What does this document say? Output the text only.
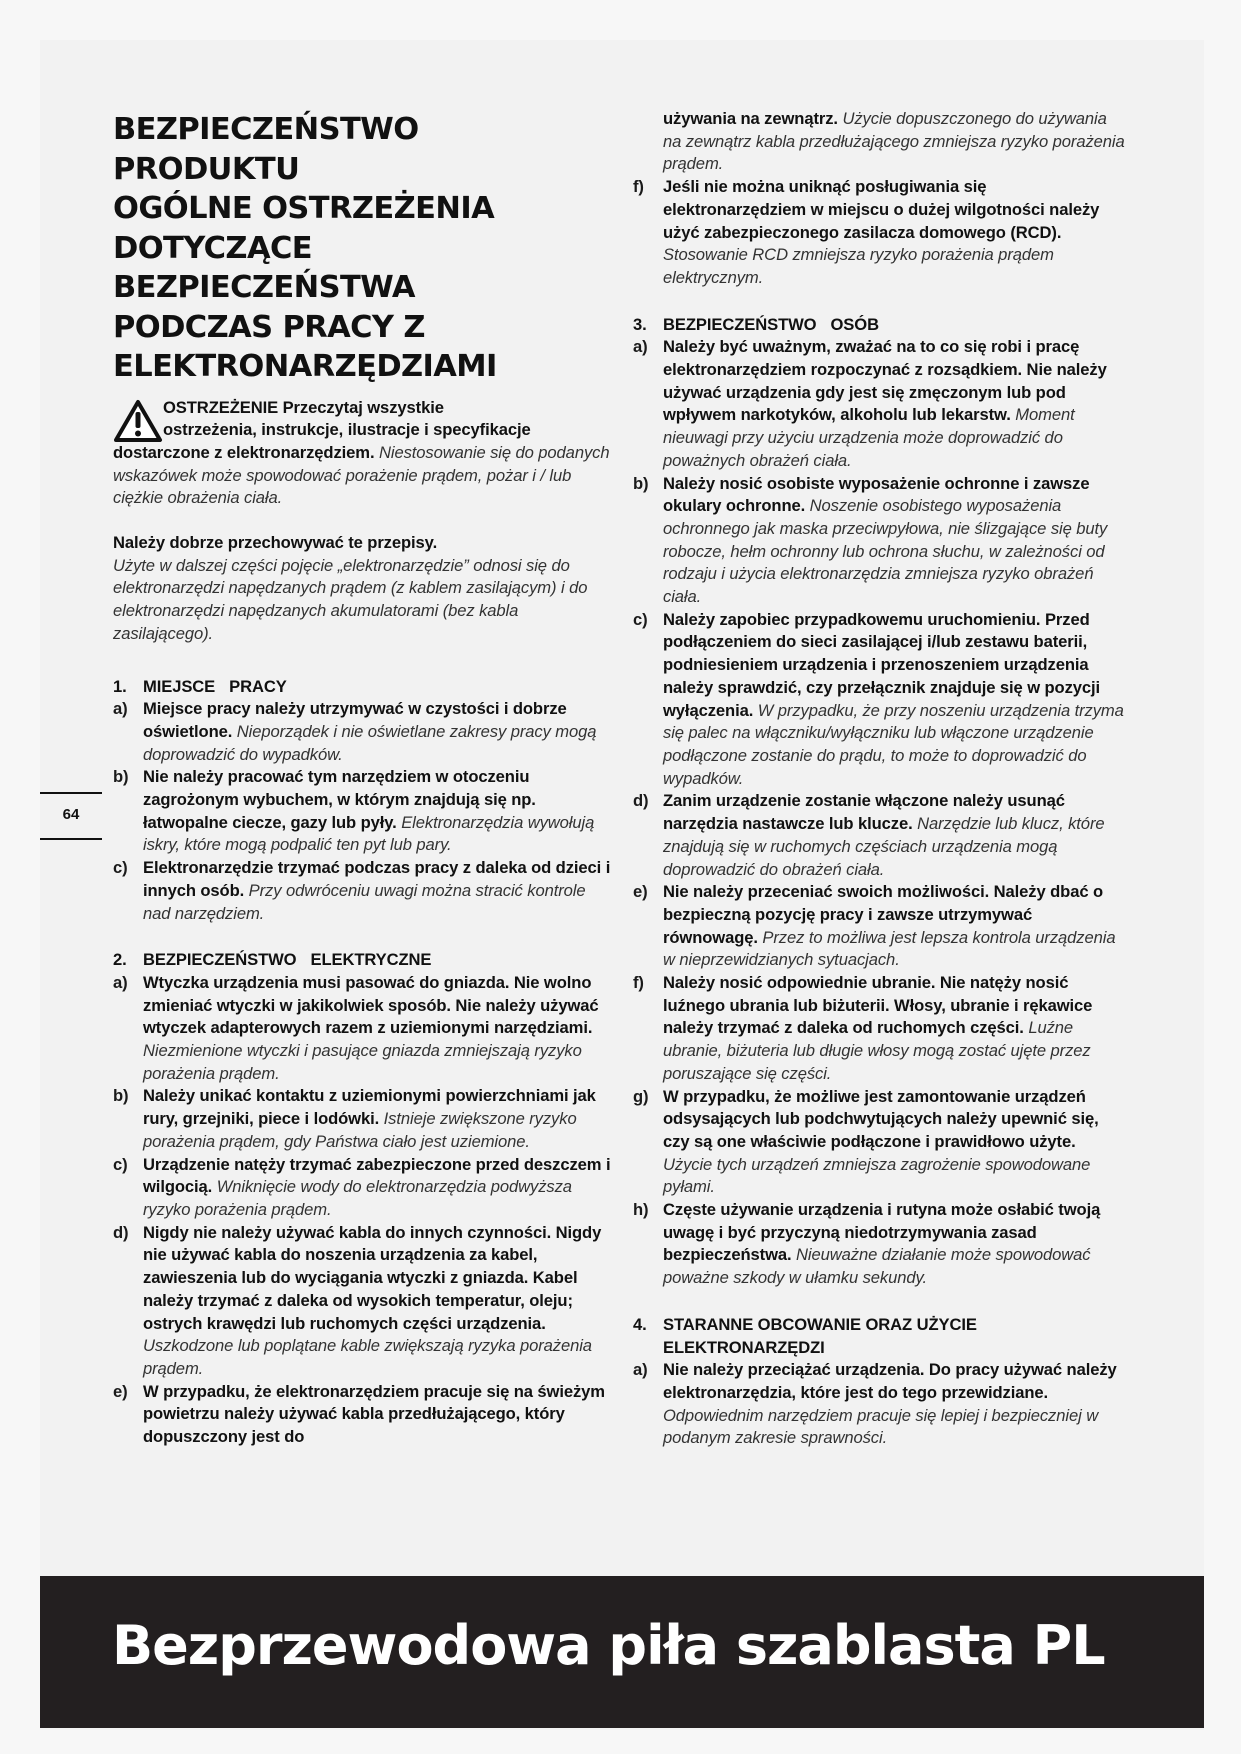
BEZPIECZEŃSTWO
PRODUKTU
OGÓLNE OSTRZEŻENIA
DOTYCZĄCE
BEZPIECZEŃSTWA
PODCZAS PRACY Z
ELEKTRONARZĘDZIAMI

OSTRZEŻENIE Przeczytaj wszystkie

ostrzeżenia, instrukcje, ilustracje i specyfikacje

dostarczone z elektronarzędziem. Niestosowanie się do podanych wskazówek może spowodować porażenie prądem, pożar i / lub ciężkie obrażenia ciała.

Należy dobrze przechowywać te przepisy.

Użyte w dalszej części pojęcie „elektronarzędzie” odnosi się do elektronarzędzi napędzanych prądem (z kablem zasilającym) i do elektronarzędzi napędzanych akumulatorami (bez kabla zasilającego).

1. MIEJSCE PRACY

a) Miejsce pracy należy utrzymywać w czystości i dobrze oświetlone. Nieporządek i nie oświetlane zakresy pracy mogą doprowadzić do wypadków.
b) Nie należy pracować tym narzędziem w otoczeniu zagrożonym wybuchem, w którym znajdują się np. łatwopalne ciecze, gazy lub pyły. Elektronarzędzia wywołują iskry, które mogą podpalić ten pyt lub pary.
c) Elektronarzędzie trzymać podczas pracy z daleka od dzieci i innych osób. Przy odwróceniu uwagi można stracić kontrole nad narzędziem.

2. BEZPIECZEŃSTWO ELEKTRYCZNE

a) Wtyczka urządzenia musi pasować do gniazda. Nie wolno zmieniać wtyczki w jakikolwiek sposób. Nie należy używać wtyczek adapterowych razem z uziemionymi narzędziami. Niezmienione wtyczki i pasujące gniazda zmniejszają ryzyko porażenia prądem.
b) Należy unikać kontaktu z uziemionymi powierzchniami jak rury, grzejniki, piece i lodówki. Istnieje zwiększone ryzyko porażenia prądem, gdy Państwa ciało jest uziemione.
c) Urządzenie natęży trzymać zabezpieczone przed deszczem i wilgocią. Wniknięcie wody do elektronarzędzia podwyższa ryzyko porażenia prądem.
d) Nigdy nie należy używać kabla do innych czynności. Nigdy nie używać kabla do noszenia urządzenia za kabel, zawieszenia lub do wyciągania wtyczki z gniazda. Kabel należy trzymać z daleka od wysokich temperatur, oleju; ostrych krawędzi lub ruchomych części urządzenia. Uszkodzone lub poplątane kable zwiększają ryzyka porażenia prądem.
e) W przypadku, że elektronarzędziem pracuje się na świeżym powietrzu należy używać kabla przedłużającego, który dopuszczony jest do
używania na zewnątrz. Użycie dopuszczonego do używania na zewnątrz kabla przedłużającego zmniejsza ryzyko porażenia prądem.
f) Jeśli nie można uniknąć posługiwania się elektronarzędziem w miejscu o dużej wilgotności należy użyć zabezpieczonego zasilacza domowego (RCD). Stosowanie RCD zmniejsza ryzyko porażenia prądem elektrycznym.

3. BEZPIECZEŃSTWO OSÓB

a) Należy być uważnym, zważać na to co się robi i pracę elektronarzędziem rozpoczynać z rozsądkiem. Nie należy używać urządzenia gdy jest się zmęczonym lub pod wpływem narkotyków, alkoholu lub lekarstw. Moment nieuwagi przy użyciu urządzenia może doprowadzić do poważnych obrażeń ciała.
b) Należy nosić osobiste wyposażenie ochronne i zawsze okulary ochronne. Noszenie osobistego wyposażenia ochronnego jak maska przeciwpyłowa, nie ślizgające się buty robocze, hełm ochronny lub ochrona słuchu, w zależności od rodzaju i użycia elektronarzędzia zmniejsza ryzyko obrażeń ciała.
c) Należy zapobiec przypadkowemu uruchomieniu. Przed podłączeniem do sieci zasilającej i/lub zestawu baterii, podniesieniem urządzenia i przenoszeniem urządzenia należy sprawdzić, czy przełącznik znajduje się w pozycji wyłączenia. W przypadku, że przy noszeniu urządzenia trzyma się palec na włączniku/wyłączniku lub włączone urządzenie podłączone zostanie do prądu, to może to doprowadzić do wypadków.
d) Zanim urządzenie zostanie włączone należy usunąć narzędzia nastawcze lub klucze. Narzędzie lub klucz, które znajdują się w ruchomych częściach urządzenia mogą doprowadzić do obrażeń ciała.
e) Nie należy przeceniać swoich możliwości. Należy dbać o bezpieczną pozycję pracy i zawsze utrzymywać równowagę. Przez to możliwa jest lepsza kontrola urządzenia w nieprzewidzianych sytuacjach.
f) Należy nosić odpowiednie ubranie. Nie natęży nosić luźnego ubrania lub biżuterii. Włosy, ubranie i rękawice należy trzymać z daleka od ruchomych części. Luźne ubranie, biżuteria lub długie włosy mogą zostać ujęte przez poruszające się części.
g) W przypadku, że możliwe jest zamontowanie urządzeń odsysających lub podchwytujących należy upewnić się, czy są one właściwie podłączone i prawidłowo użyte. Użycie tych urządzeń zmniejsza zagrożenie spowodowane pyłami.
h) Częste używanie urządzenia i rutyna może osłabić twoją uwagę i być przyczyną niedotrzymywania zasad bezpieczeństwa. Nieuważne działanie może spowodować poważne szkody w ułamku sekundy.
4. STARANNE OBCOWANIE ORAZ UŻYCIE
ELEKTRONARZĘDZI
a) Nie należy przeciążać urządzenia. Do pracy używać należy elektronarzędzia, które jest do tego przewidziane. Odpowiednim narzędziem pracuje się lepiej i bezpieczniej w podanym zakresie sprawności.
64
Bezprzewodowa piła szablasta PL
